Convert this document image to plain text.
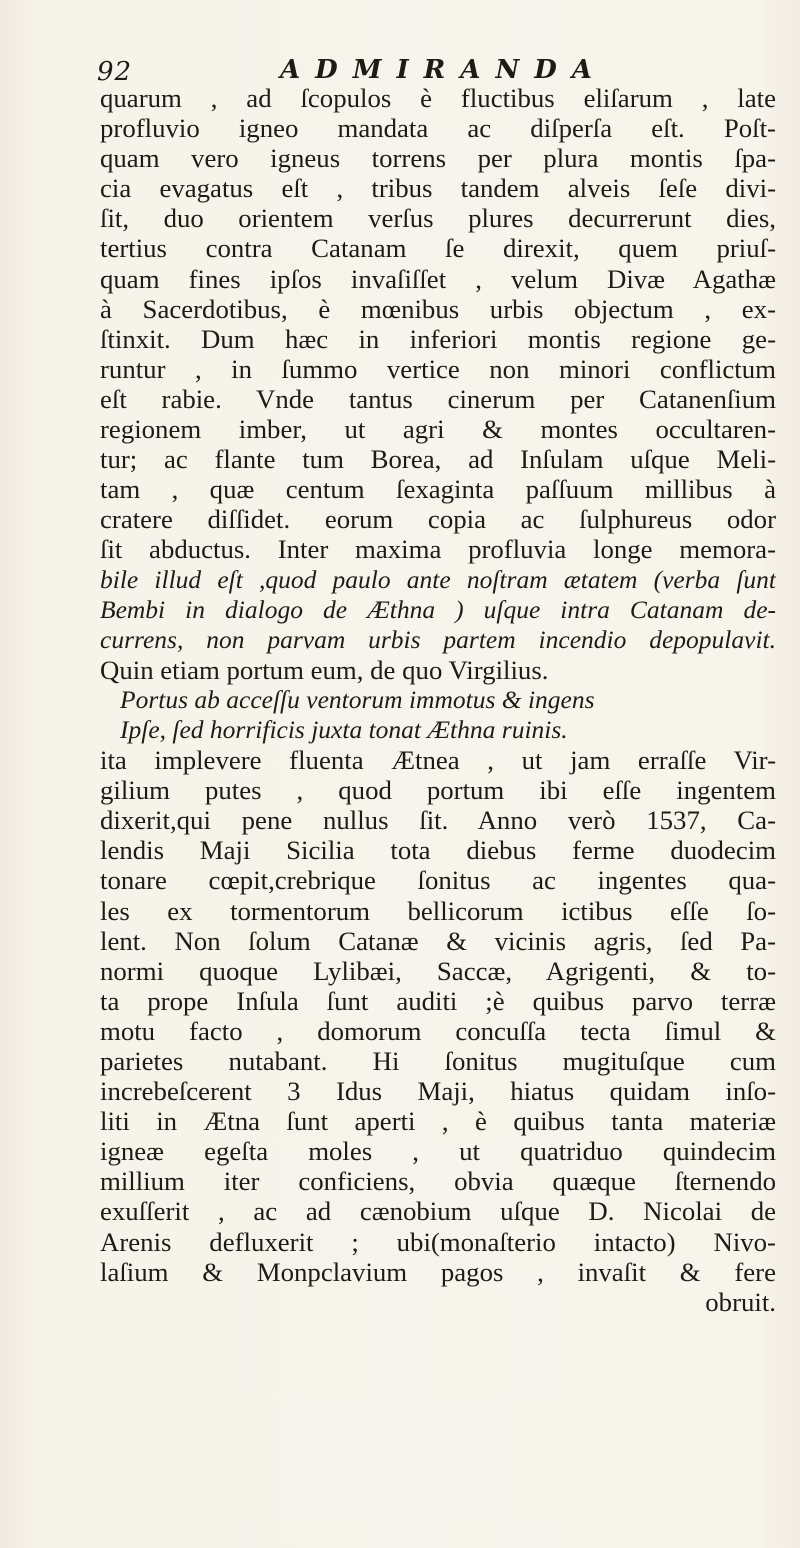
92	ADMIRANDA
quarum , ad ſcopulos è fluctibus eliſarum , late
profluvio igneo mandata ac diſperſa eſt. Poſt-
quam vero igneus torrens per plura montis ſpa-
cia evagatus eſt , tribus tandem alveis ſeſe divi-
ſit, duo orientem verſus plures decurrerunt dies,
tertius contra Catanam ſe direxit, quem priuſ-
quam fines ipſos invaſiſſet , velum Divæ Agathæ
à Sacerdotibus, è mœnibus urbis objectum , ex-
ſtinxit. Dum hæc in inferiori montis regione ge-
runtur , in ſummo vertice non minori conflictum
eſt rabie. Vnde tantus cinerum per Catanenſium
regionem imber, ut agri & montes occultaren-
tur; ac flante tum Borea, ad Inſulam uſque Meli-
tam , quæ centum ſexaginta paſſuum millibus à
cratere diſſidet. eorum copia ac ſulphureus odor
ſit abductus. Inter maxima profluvia longe memora-
bile illud eſt ,quod paulo ante noſtram ætatem (verba ſunt
Bembi in dialogo de Æthna ) uſque intra Catanam de-
currens, non parvam urbis partem incendio depopulavit.
Quin etiam portum eum, de quo Virgilius.
Portus ab acceſſu ventorum immotus & ingens
Ipſe, ſed horrificis juxta tonat Æthna ruinis.
ita implevere fluenta Ætnea , ut jam erraſſe Vir-
gilium putes , quod portum ibi eſſe ingentem
dixerit,qui pene nullus ſit. Anno verò 1537, Ca-
lendis Maji Sicilia tota diebus ferme duodecim
tonare cœpit,crebrique ſonitus ac ingentes qua-
les ex tormentorum bellicorum ictibus eſſe ſo-
lent. Non ſolum Catanæ & vicinis agris, ſed Pa-
normi quoque Lylibæi, Saccæ, Agrigenti, & to-
ta prope Inſula ſunt auditi ;è quibus parvo terræ
motu facto , domorum concuſſa tecta ſimul &
parietes nutabant. Hi ſonitus mugituſque cum
increbeſcerent 3 Idus Maji, hiatus quidam inſo-
liti in Ætna ſunt aperti , è quibus tanta materiæ
igneæ egeſta moles , ut quatriduo quindecim
millium iter conficiens, obvia quæque ſternendo
exuſſerit , ac ad cænobium uſque D. Nicolai de
Arenis defluxerit ; ubi(monaſterio intacto) Nivo-
laſium & Monpclavium pagos , invaſit & fere
obruit.
